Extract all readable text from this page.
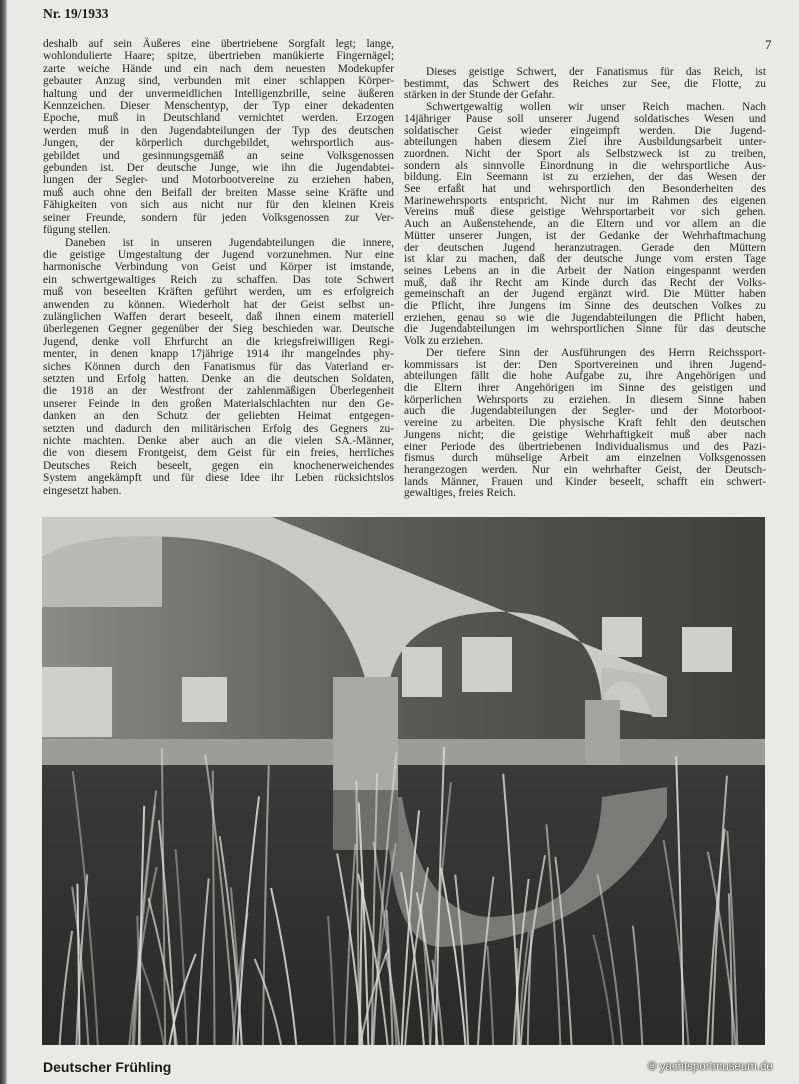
Nr. 19/1933
7
deshalb auf sein Äußeres eine übertriebene Sorgfalt legt; lange,
wohlondulierte Haare; spitze, übertrieben manükierte Fingernägel;
zarte weiche Hände und ein nach dem neuesten Modekupfer
gebauter Anzug sind, verbunden mit einer schlappen Körper-
haltung und der unvermeidlichen Intelligenzbrille, seine äußeren
Kennzeichen. Dieser Menschentyp, der Typ einer dekadenten
Epoche, muß in Deutschland vernichtet werden. Erzogen
werden muß in den Jugendabteilungen der Typ des deutschen
Jungen, der körperlich durchgebildet, wehrsportlich aus-
gebildet und gesinnungsgemäß an seine Volksgenossen
gebunden ist. Der deutsche Junge, wie ihn die Jugendabtei-
lungen der Segler- und Motorbootvereine zu erziehen haben,
muß auch ohne den Beifall der breiten Masse seine Kräfte und
Fähigkeiten von sich aus nicht nur für den kleinen Kreis
seiner Freunde, sondern für jeden Volksgenossen zur Ver-
fügung stellen.
Daneben ist in unseren Jugendabteilungen die innere,
die geistige Umgestaltung der Jugend vorzunehmen. Nur eine
harmonische Verbindung von Geist und Körper ist imstande,
ein schwertgewaltiges Reich zu schaffen. Das tote Schwert
muß von beseelten Kräften geführt werden, um es erfolgreich
anwenden zu können. Wiederholt hat der Geist selbst un-
zulänglichen Waffen derart beseelt, daß ihnen einem materiell
überlegenen Gegner gegenüber der Sieg beschieden war. Deutsche
Jugend, denke voll Ehrfurcht an die kriegsfreiwilligen Regi-
menter, in denen knapp 17jährige 1914 ihr mangelndes phy-
siches Können durch den Fanatismus für das Vaterland er-
setzten und Erfolg hatten. Denke an die deutschen Soldaten,
die 1918 an der Westfront der zahlenmäßigen Überlegenheit
unserer Feinde in den großen Materialschlachten nur den Ge-
danken an den Schutz der geliebten Heimat entgegen-
setzten und dadurch den militärischen Erfolg des Gegners zu-
nichte machten. Denke aber auch an die vielen SA.-Männer,
die von diesem Frontgeist, dem Geist für ein freies, herrliches
Deutsches Reich beseelt, gegen ein knochenerweichendes
System angekämpft und für diese Idee ihr Leben rücksichtslos
eingesetzt haben.
Dieses geistige Schwert, der Fanatismus für das Reich, ist
bestimmt, das Schwert des Reiches zur See, die Flotte, zu
stärken in der Stunde der Gefahr.
Schwertgewaltig wollen wir unser Reich machen. Nach
14jähriger Pause soll unserer Jugend soldatisches Wesen und
soldatischer Geist wieder eingeimpft werden. Die Jugend-
abteilungen haben diesem Ziel ihre Ausbildungsarbeit unter-
zuordnen. Nicht der Sport als Selbstzweck ist zu treiben,
sondern als sinnvolle Einordnung in die wehrsportliche Aus-
bildung. Ein Seemann ist zu erziehen, der das Wesen der
See erfaßt hat und wehrsportlich den Besonderheiten des
Marinewehrsports entspricht. Nicht nur im Rahmen des eigenen
Vereins muß diese geistige Wehrsportarbeit vor sich gehen.
Auch an Außenstehende, an die Eltern und vor allem an die
Mütter unserer Jungen, ist der Gedanke der Wehrhaftmachung
der deutschen Jugend heranzutragen. Gerade den Müttern
ist klar zu machen, daß der deutsche Junge vom ersten Tage
seines Lebens an in die Arbeit der Nation eingespannt werden
muß, daß ihr Recht am Kinde durch das Recht der Volks-
gemeinschaft an der Jugend ergänzt wird. Die Mütter haben
die Pflicht, ihre Jungens im Sinne des deutschen Volkes zu
erziehen, genau so wie die Jugendabteilungen die Pflicht haben,
die Jugendabteilungen im wehrsportlichen Sinne für das deutsche
Volk zu erziehen.
Der tiefere Sinn der Ausführungen des Herrn Reichssport-
kommissars ist der: Den Sportvereinen und ihren Jugend-
abteilungen fällt die hohe Aufgabe zu, ihre Angehörigen und
die Eltern ihrer Angehörigen im Sinne des geistigen und
körperlichen Wehrsports zu erziehen. In diesem Sinne haben
auch die Jugendabteilungen der Segler- und der Motorboot-
vereine zu arbeiten. Die physische Kraft fehlt den deutschen
Jungens nicht; die geistige Wehrhaftigkeit muß aber nach
einer Periode des übertriebenen Individualismus und des Pazi-
fismus durch mühselige Arbeit am einzelnen Volksgenossen
herangezogen werden. Nur ein wehrhafter Geist, der Deutsch-
lands Männer, Frauen und Kinder beseelt, schafft ein schwert-
gewaltiges, freies Reich.
Deutscher Frühling	© yachtsportmuseum.de
